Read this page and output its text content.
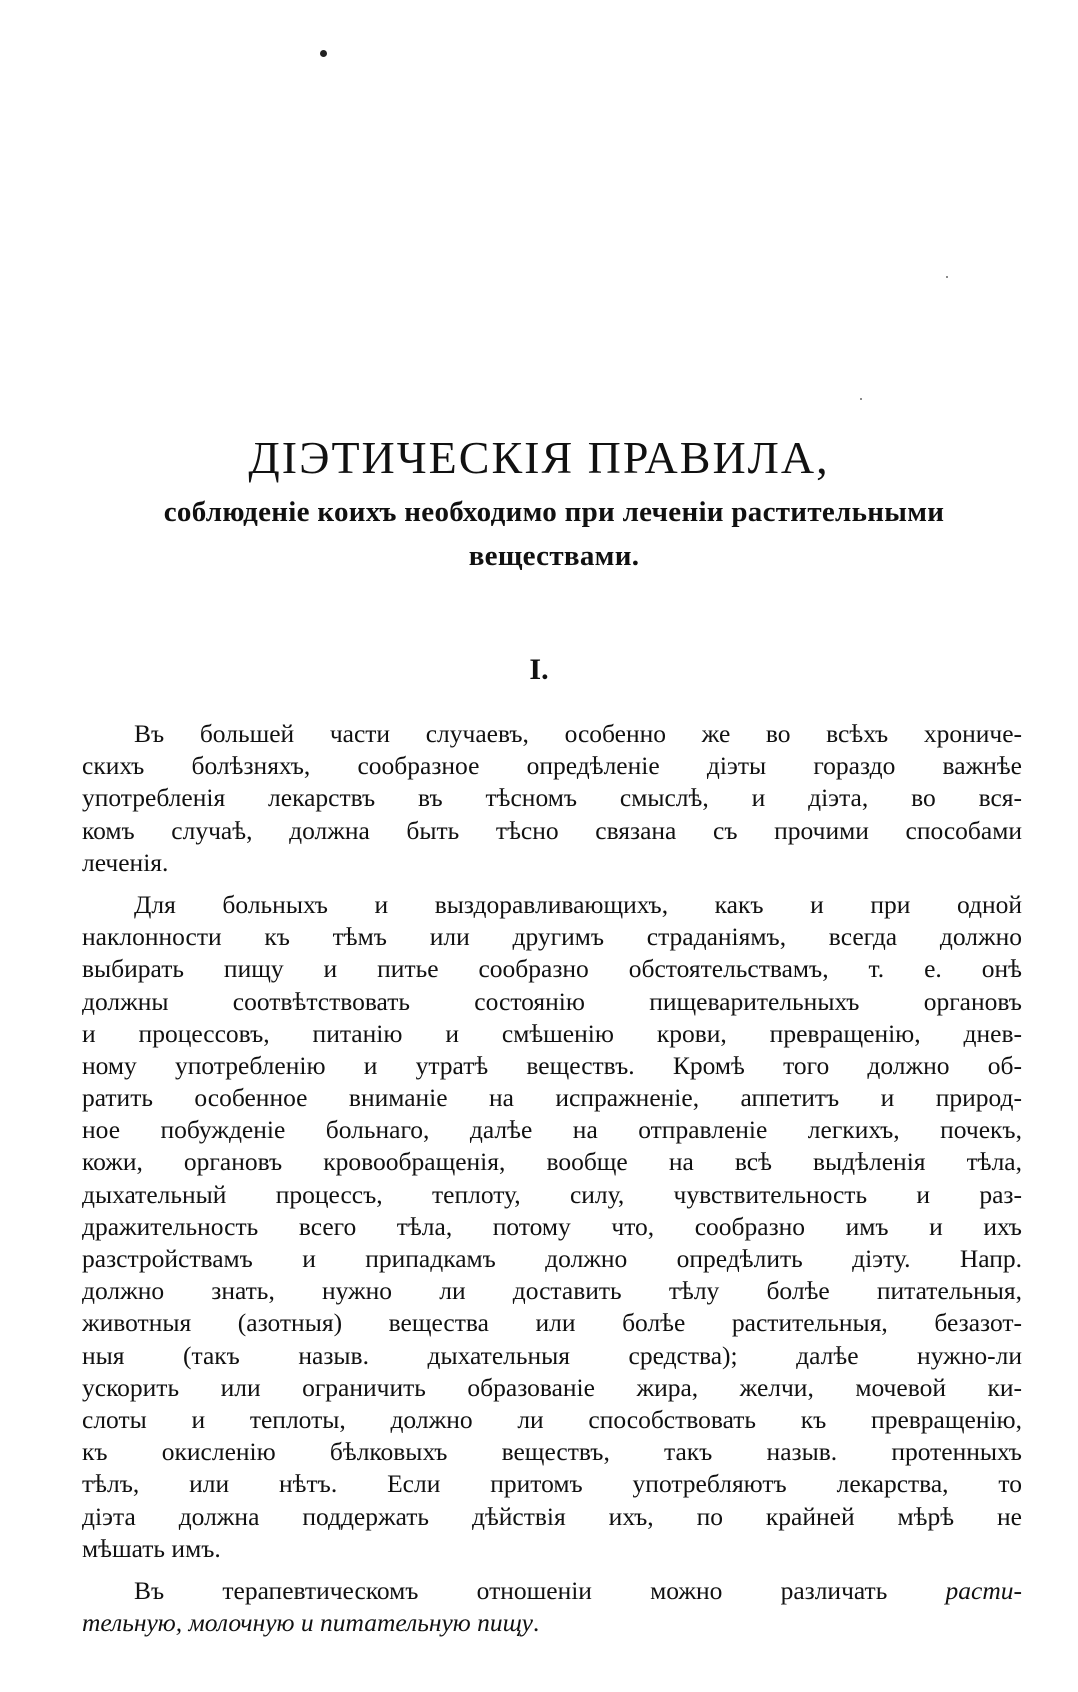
ДІЭТИЧЕСКІЯ ПРАВИЛА,
соблюденіе коихъ необходимо при леченіи растительными веществами.
I.
Въ большей части случаевъ, особенно же во всѣхъ хрониче-
скихъ болѣзняхъ, сообразное опредѣленіе діэты гораздо важнѣе
употребленія лекарствъ въ тѣсномъ смыслѣ, и діэта, во вся-
комъ случаѣ, должна быть тѣсно связана съ прочими способами
леченія.
Для больныхъ и выздоравливающихъ, какъ и при одной
наклонности къ тѣмъ или другимъ страданіямъ, всегда должно
выбирать пищу и питье сообразно обстоятельствамъ, т. е. онѣ
должны соотвѣтствовать состоянію пищеварительныхъ органовъ
и процессовъ, питанію и смѣшенію крови, превращенію, днев-
ному употребленію и утратѣ веществъ. Кромѣ того должно об-
ратить особенное вниманіе на испражненіе, аппетитъ и природ-
ное побужденіе больнаго, далѣе на отправленіе легкихъ, почекъ,
кожи, органовъ кровообращенія, вообще на всѣ выдѣленія тѣла,
дыхательный процессъ, теплоту, силу, чувствительность и раз-
дражительность всего тѣла, потому что, сообразно имъ и ихъ
разстройствамъ и припадкамъ должно опредѣлить діэту. Напр.
должно знать, нужно ли доставить тѣлу болѣе питательныя,
животныя (азотныя) вещества или болѣе растительныя, безазот-
ныя (такъ назыв. дыхательныя средства); далѣе нужно-ли
ускорить или ограничить образованіе жира, желчи, мочевой ки-
слоты и теплоты, должно ли способствовать къ превращенію,
къ окисленію бѣлковыхъ веществъ, такъ назыв. протенныхъ
тѣлъ, или нѣтъ. Если притомъ употребляютъ лекарства, то
діэта должна поддержать дѣйствія ихъ, по крайней мѣрѣ не
мѣшать имъ.
Въ терапевтическомъ отношеніи можно различать расти-
тельную, молочную и питательную пищу.
